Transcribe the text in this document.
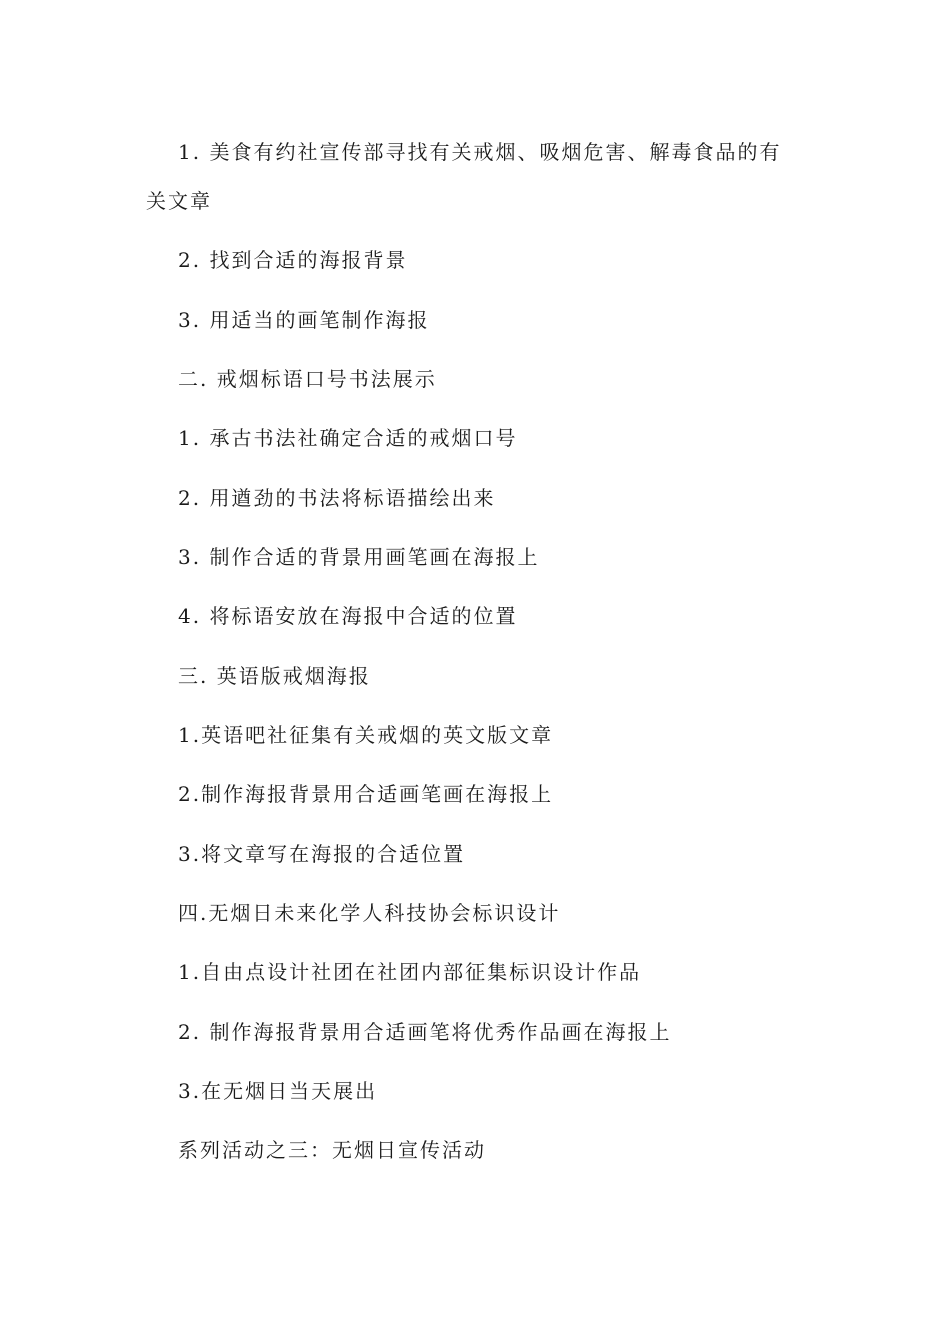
1. 美食有约社宣传部寻找有关戒烟、吸烟危害、解毒食品的有
关文章
2. 找到合适的海报背景
3. 用适当的画笔制作海报
二. 戒烟标语口号书法展示
1. 承古书法社确定合适的戒烟口号
2. 用遒劲的书法将标语描绘出来
3. 制作合适的背景用画笔画在海报上
4. 将标语安放在海报中合适的位置
三. 英语版戒烟海报
1.英语吧社征集有关戒烟的英文版文章
2.制作海报背景用合适画笔画在海报上
3.将文章写在海报的合适位置
四.无烟日未来化学人科技协会标识设计
1.自由点设计社团在社团内部征集标识设计作品
2. 制作海报背景用合适画笔将优秀作品画在海报上
3.在无烟日当天展出
系列活动之三：无烟日宣传活动
